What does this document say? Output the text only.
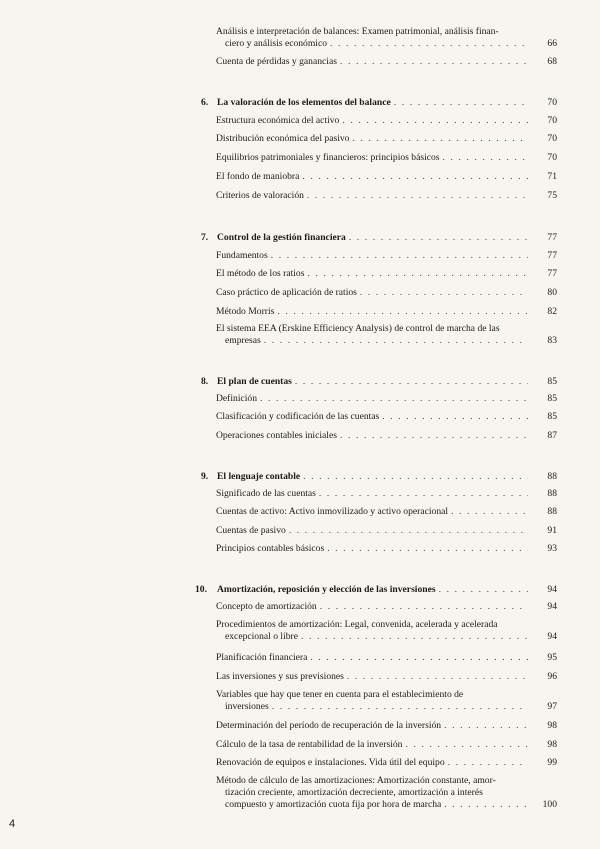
Análisis e interpretación de balances: Examen patrimonial, análisis finan-
ciero y análisis económico . . .	66
Cuenta de pérdidas y ganancias . . .	68
6. La valoración de los elementos del balance . . .	70
Estructura económica del activo . . .	70
Distribución económica del pasivo . . .	70
Equilibrios patrimoniales y financieros: principios básicos . . .	70
El fondo de maniobra . . .	71
Criterios de valoración . . .	75
7. Control de la gestión financiera . . .	77
Fundamentos . . .	77
El método de los ratios . . .	77
Caso práctico de aplicación de ratios . . .	80
Método Morris . . .	82
El sistema EEA (Erskine Efficiency Analysis) de control de marcha de las
empresas . . .	83
8. El plan de cuentas . . .	85
Definición . . .	85
Clasificación y codificación de las cuentas . . .	85
Operaciones contables iniciales . . .	87
9. El lenguaje contable . . .	88
Significado de las cuentas . . .	88
Cuentas de activo: Activo inmovilizado y activo operacional . . .	88
Cuentas de pasivo . . .	91
Principios contables básicos . . .	93
10. Amortización, reposición y elección de las inversiones . . .	94
Concepto de amortización . . .	94
Procedimientos de amortización: Legal, convenida, acelerada y acelerada
excepcional o libre . . .	94
Planificación financiera . . .	95
Las inversiones y sus previsiones . . .	96
Variables que hay que tener en cuenta para el establecimiento de
inversiones . . .	97
Determinación del período de recuperación de la inversión . . .	98
Cálculo de la tasa de rentabilidad de la inversión . . .	98
Renovación de equipos e instalaciones. Vida útil del equipo . . .	99
Método de cálculo de las amortizaciones: Amortización constante, amor-
tización creciente, amortización decreciente, amortización a interés
compuesto y amortización cuota fija por hora de marcha . . .	100
4
